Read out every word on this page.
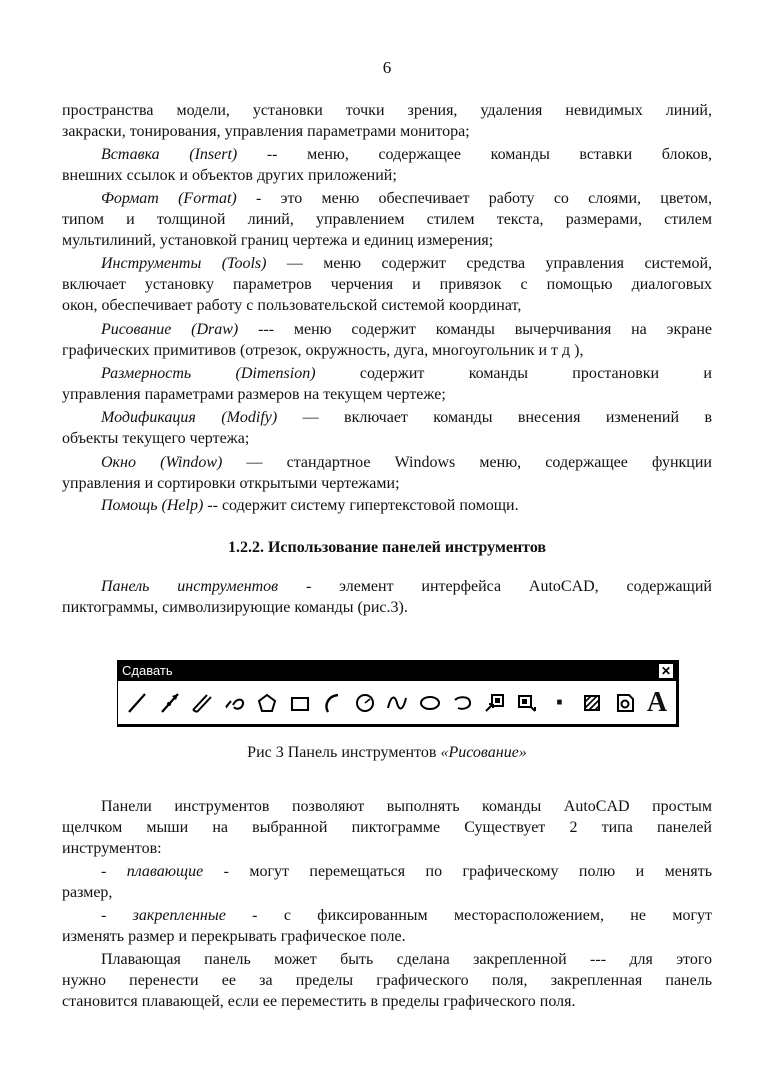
6
пространства модели, установки точки зрения, удаления невидимых линий,
закраски, тонирования, управления параметрами монитора;
Вставка (Insert) -- меню, содержащее команды вставки блоков,
внешних ссылок и объектов других приложений;
Формат (Format) - это меню обеспечивает работу со слоями, цветом,
типом и толщиной линий, управлением стилем текста, размерами, стилем
мультилиний, установкой границ чертежа и единиц измерения;
Инструменты (Tools) — меню содержит средства управления системой,
включает установку параметров черчения и привязок с помощью диалоговых
окон, обеспечивает работу с пользовательской системой координат,
Рисование (Draw) --- меню содержит команды вычерчивания на экране
графических примитивов (отрезок, окружность, дуга, многоугольник и т д ),
Размерность (Dimension) содержит команды простановки и
управления параметрами размеров на текущем чертеже;
Модификация (Modify) — включает команды внесения изменений в
объекты текущего чертежа;
Окно (Window) — стандартное Windows меню, содержащее функции
управления и сортировки открытыми чертежами;
Помощь (Help) -- содержит систему гипертекстовой помощи.
1.2.2. Использование панелей инструментов
Панель инструментов - элемент интерфейса AutoCAD, содержащий
пиктограммы, символизирующие команды (рис.3).
Сдавать	✕
·	A
Рис 3 Панель инструментов «Рисование»
Панели инструментов позволяют выполнять команды AutoCAD простым
щелчком мыши на выбранной пиктограмме Существует 2 типа панелей
инструментов:
- плавающие - могут перемещаться по графическому полю и менять
размер,
- закрепленные - с фиксированным месторасположением, не могут
изменять размер и перекрывать графическое поле.
Плавающая панель может быть сделана закрепленной --- для этого
нужно перенести ее за пределы графического поля, закрепленная панель
становится плавающей, если ее переместить в пределы графического поля.
